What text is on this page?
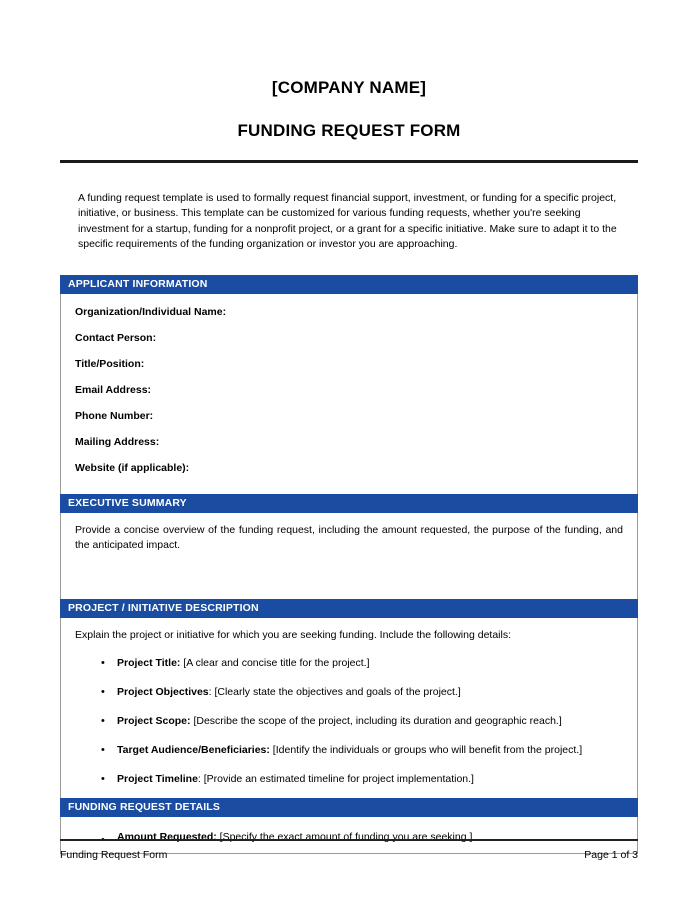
[COMPANY NAME]
FUNDING REQUEST FORM
A funding request template is used to formally request financial support, investment, or funding for a specific project, initiative, or business. This template can be customized for various funding requests, whether you're seeking investment for a startup, funding for a nonprofit project, or a grant for a specific initiative. Make sure to adapt it to the specific requirements of the funding organization or investor you are approaching.
APPLICANT INFORMATION
Organization/Individual Name:
Contact Person:
Title/Position:
Email Address:
Phone Number:
Mailing Address:
Website (if applicable):
EXECUTIVE SUMMARY
Provide a concise overview of the funding request, including the amount requested, the purpose of the funding, and the anticipated impact.
PROJECT / INITIATIVE DESCRIPTION
Explain the project or initiative for which you are seeking funding. Include the following details:
• Project Title: [A clear and concise title for the project.]
• Project Objectives: [Clearly state the objectives and goals of the project.]
• Project Scope: [Describe the scope of the project, including its duration and geographic reach.]
• Target Audience/Beneficiaries: [Identify the individuals or groups who will benefit from the project.]
• Project Timeline: [Provide an estimated timeline for project implementation.]
FUNDING REQUEST DETAILS
• Amount Requested: [Specify the exact amount of funding you are seeking.]
Funding Request Form	Page 1 of 3
